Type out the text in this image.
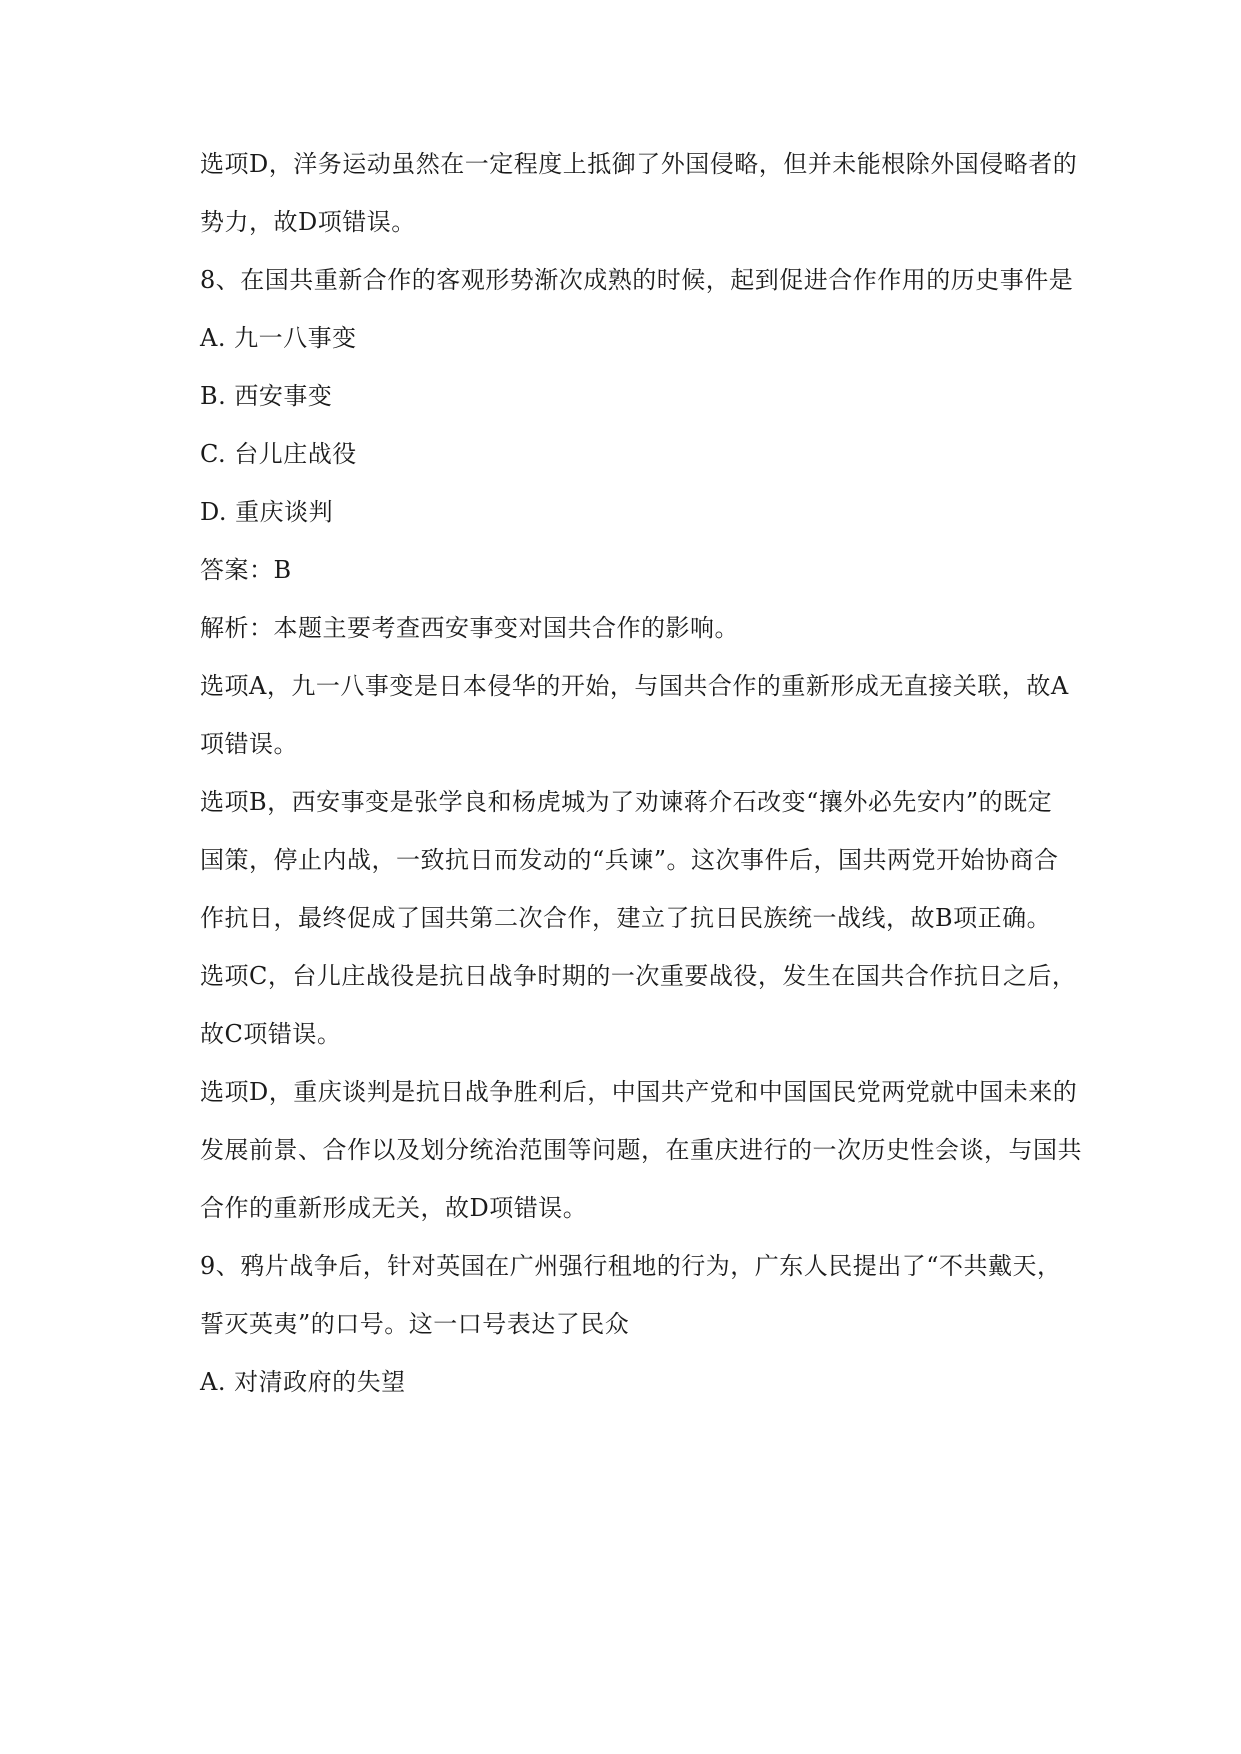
选项D，洋务运动虽然在一定程度上抵御了外国侵略，但并未能根除外国侵略者的
势力，故D项错误。
8、在国共重新合作的客观形势渐次成熟的时候，起到促进合作作用的历史事件是
A. 九一八事变
B. 西安事变
C. 台儿庄战役
D. 重庆谈判
答案：B
解析：本题主要考查西安事变对国共合作的影响。
选项A，九一八事变是日本侵华的开始，与国共合作的重新形成无直接关联，故A
项错误。
选项B，西安事变是张学良和杨虎城为了劝谏蒋介石改变“攘外必先安内”的既定
国策，停止内战，一致抗日而发动的“兵谏”。这次事件后，国共两党开始协商合
作抗日，最终促成了国共第二次合作，建立了抗日民族统一战线，故B项正确。
选项C，台儿庄战役是抗日战争时期的一次重要战役，发生在国共合作抗日之后，
故C项错误。
选项D，重庆谈判是抗日战争胜利后，中国共产党和中国国民党两党就中国未来的
发展前景、合作以及划分统治范围等问题，在重庆进行的一次历史性会谈，与国共
合作的重新形成无关，故D项错误。
9、鸦片战争后，针对英国在广州强行租地的行为，广东人民提出了“不共戴天，
誓灭英夷”的口号。这一口号表达了民众
A. 对清政府的失望
